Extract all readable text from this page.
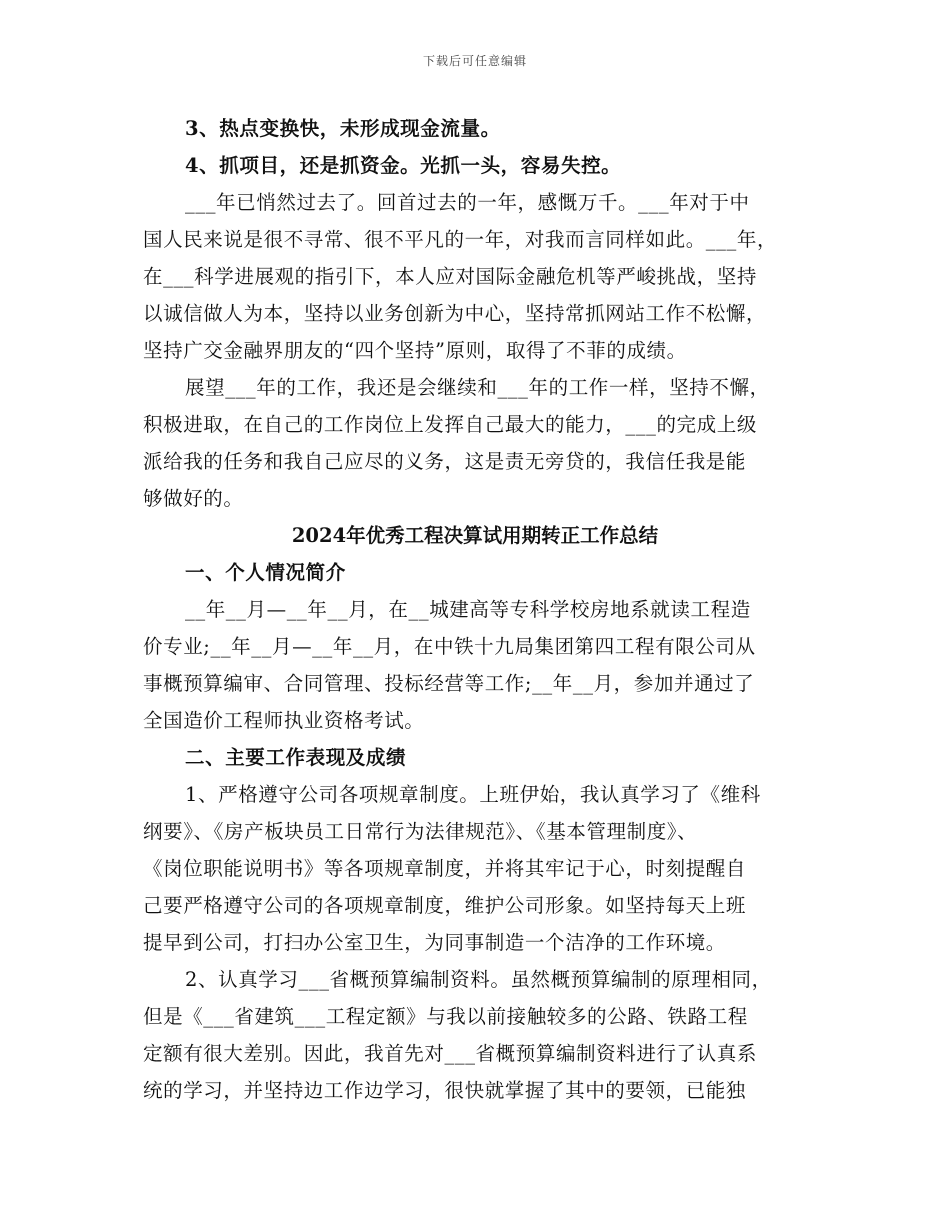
下载后可任意编辑
3、热点变换快，未形成现金流量。
4、抓项目，还是抓资金。光抓一头，容易失控。
___年已悄然过去了。回首过去的一年，感慨万千。___年对于中
国人民来说是很不寻常、很不平凡的一年，对我而言同样如此。___年，
在___科学进展观的指引下，本人应对国际金融危机等严峻挑战，坚持
以诚信做人为本，坚持以业务创新为中心，坚持常抓网站工作不松懈，
坚持广交金融界朋友的“四个坚持”原则，取得了不菲的成绩。
展望___年的工作，我还是会继续和___年的工作一样，坚持不懈，
积极进取，在自己的工作岗位上发挥自己最大的能力，___的完成上级
派给我的任务和我自己应尽的义务，这是责无旁贷的，我信任我是能
够做好的。
2024年优秀工程决算试用期转正工作总结
一、个人情况简介
__年__月—__年__月，在__城建高等专科学校房地系就读工程造
价专业;__年__月—__年__月，在中铁十九局集团第四工程有限公司从
事概预算编审、合同管理、投标经营等工作;__年__月，参加并通过了
全国造价工程师执业资格考试。
二、主要工作表现及成绩
1、严格遵守公司各项规章制度。上班伊始，我认真学习了《维科
纲要》、《房产板块员工日常行为法律规范》、《基本管理制度》、
《岗位职能说明书》等各项规章制度，并将其牢记于心，时刻提醒自
己要严格遵守公司的各项规章制度，维护公司形象。如坚持每天上班
提早到公司，打扫办公室卫生，为同事制造一个洁净的工作环境。
2、认真学习___省概预算编制资料。虽然概预算编制的原理相同，
但是《___省建筑___工程定额》与我以前接触较多的公路、铁路工程
定额有很大差别。因此，我首先对___省概预算编制资料进行了认真系
统的学习，并坚持边工作边学习，很快就掌握了其中的要领，已能独
